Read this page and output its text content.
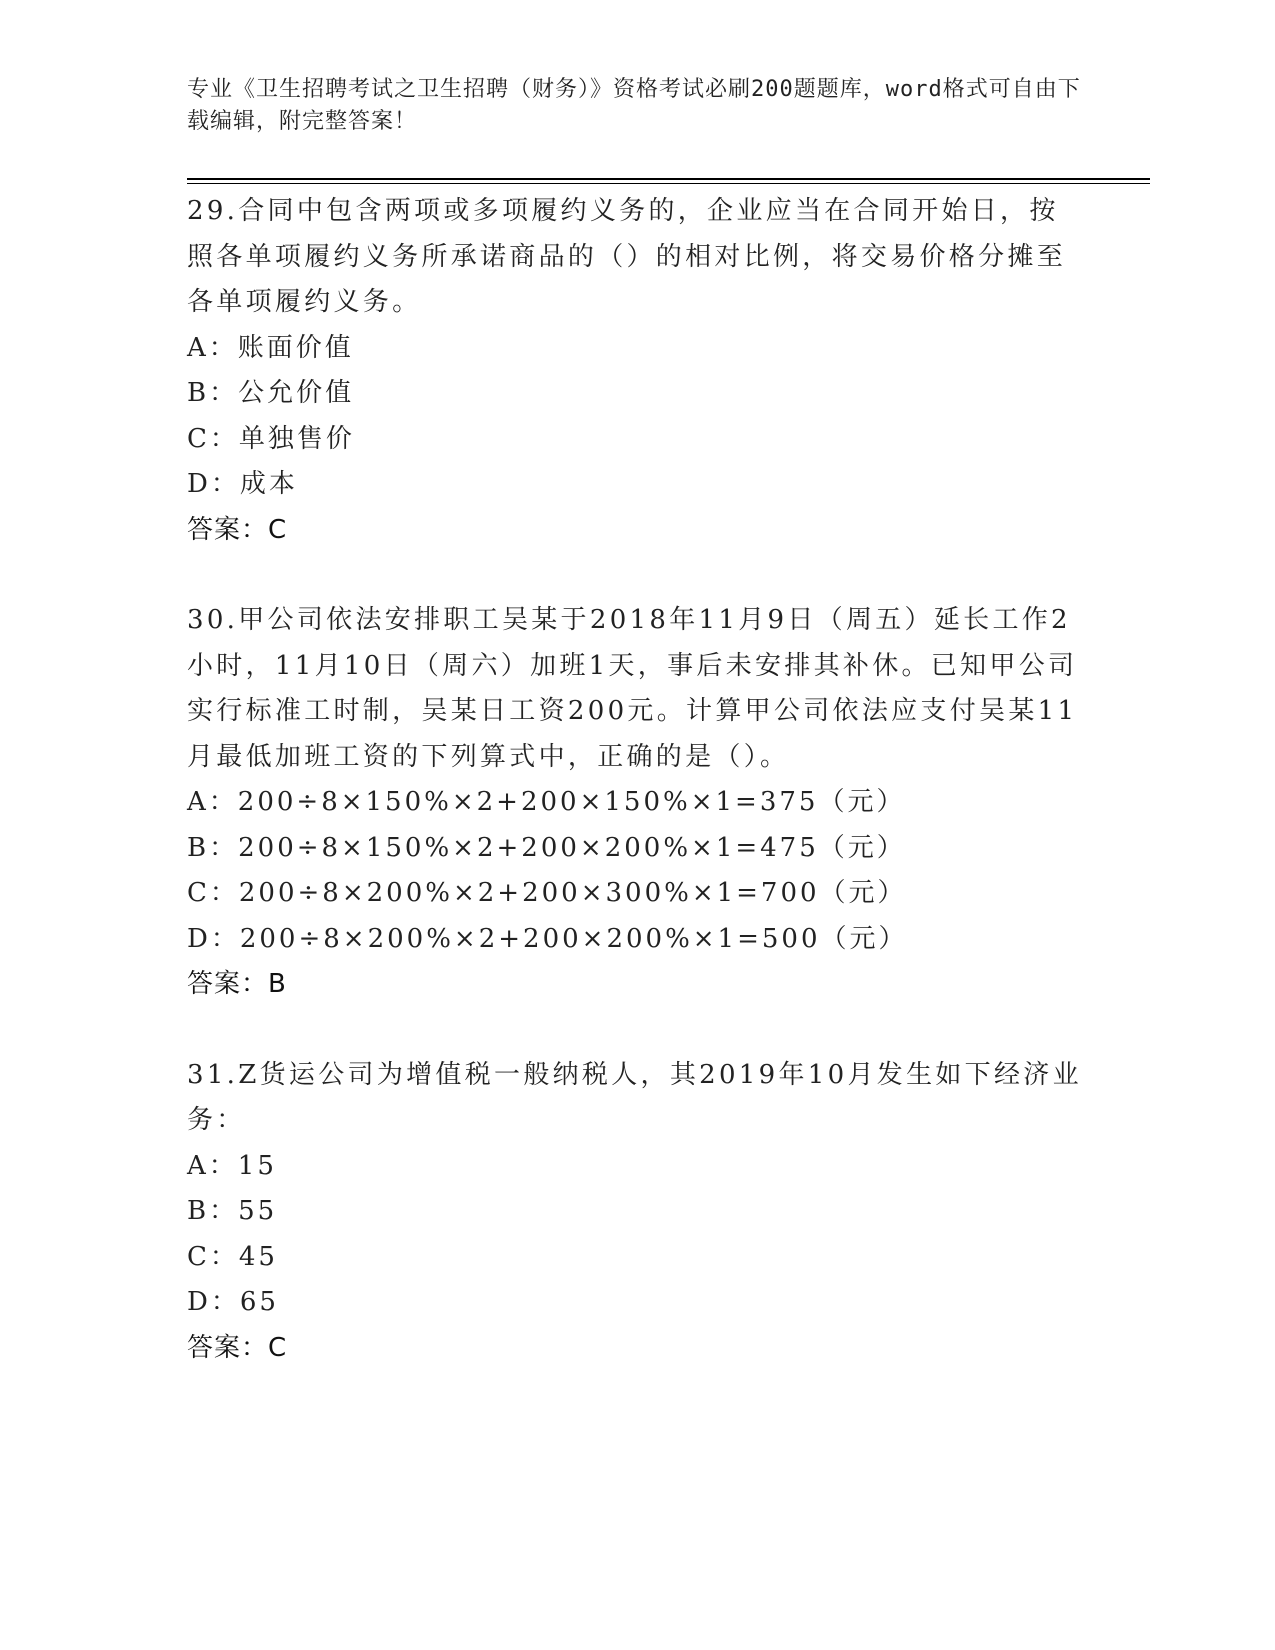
专业《卫生招聘考试之卫生招聘（财务）》资格考试必刷200题题库，word格式可自由下载编辑，附完整答案！
29.合同中包含两项或多项履约义务的，企业应当在合同开始日，按照各单项履约义务所承诺商品的（）的相对比例，将交易价格分摊至各单项履约义务。
A：账面价值
B：公允价值
C：单独售价
D：成本
答案：C
30.甲公司依法安排职工吴某于2018年11月9日（周五）延长工作2小时，11月10日（周六）加班1天，事后未安排其补休。已知甲公司实行标准工时制，吴某日工资200元。计算甲公司依法应支付吴某11月最低加班工资的下列算式中，正确的是（）。
A：200÷8×150%×2+200×150%×1=375（元）
B：200÷8×150%×2+200×200%×1=475（元）
C：200÷8×200%×2+200×300%×1=700（元）
D：200÷8×200%×2+200×200%×1=500（元）
答案：B
31.Z货运公司为增值税一般纳税人，其2019年10月发生如下经济业务：
A：15
B：55
C：45
D：65
答案：C
